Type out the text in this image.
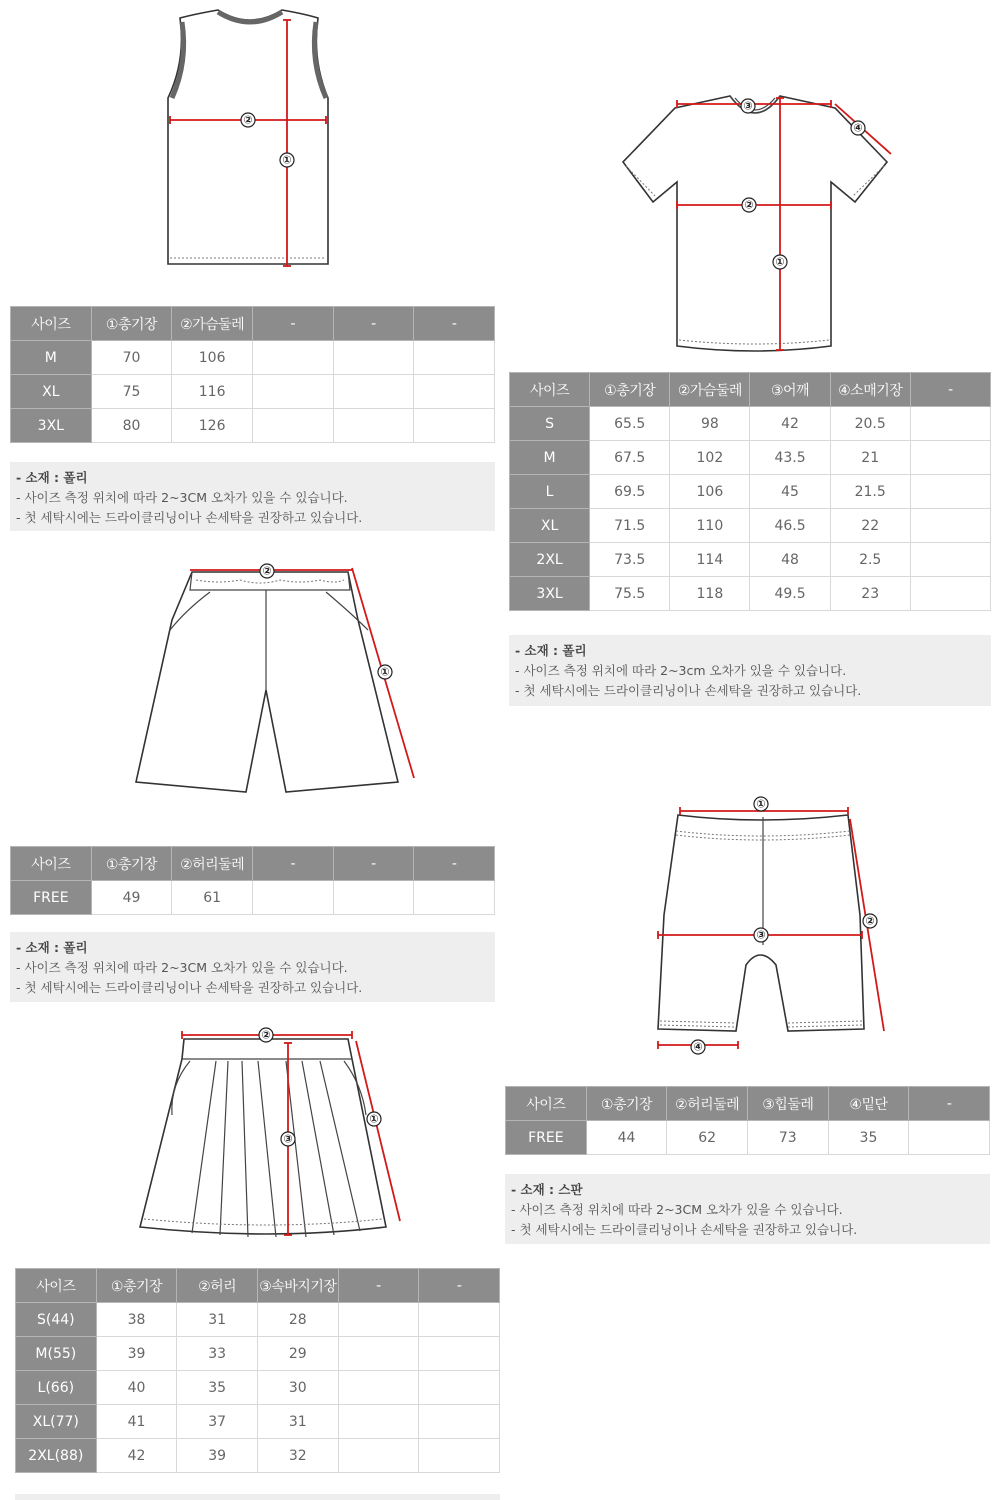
①
②
①
②
③
④
①
②
①
②
③
④
①
②
③
사이즈	①총기장	②가슴둘레	-	-	-
M	70	106			
XL	75	116			
3XL	80	126			
- 소재 : 폴리
- 사이즈 측정 위치에 따라 2~3CM 오차가 있을 수 있습니다.
- 첫 세탁시에는 드라이클리닝이나 손세탁을 권장하고 있습니다.
사이즈	①총기장	②가슴둘레	③어깨	④소매기장	-
S	65.5	98	42	20.5	
M	67.5	102	43.5	21	
L	69.5	106	45	21.5	
XL	71.5	110	46.5	22	
2XL	73.5	114	48	2.5	
3XL	75.5	118	49.5	23	
- 소재 : 폴리
- 사이즈 측정 위치에 따라 2~3cm 오차가 있을 수 있습니다.
- 첫 세탁시에는 드라이클리닝이나 손세탁을 권장하고 있습니다.
사이즈	①총기장	②허리둘레	-	-	-
FREE	49	61			
- 소재 : 폴리
- 사이즈 측정 위치에 따라 2~3CM 오차가 있을 수 있습니다.
- 첫 세탁시에는 드라이클리닝이나 손세탁을 권장하고 있습니다.
사이즈	①총기장	②허리둘레	③힙둘레	④밑단	-
FREE	44	62	73	35	
- 소재 : 스판
- 사이즈 측정 위치에 따라 2~3CM 오차가 있을 수 있습니다.
- 첫 세탁시에는 드라이클리닝이나 손세탁을 권장하고 있습니다.
사이즈	①총기장	②허리	③속바지기장	-	-
S(44)	38	31	28		
M(55)	39	33	29		
L(66)	40	35	30		
XL(77)	41	37	31		
2XL(88)	42	39	32		
